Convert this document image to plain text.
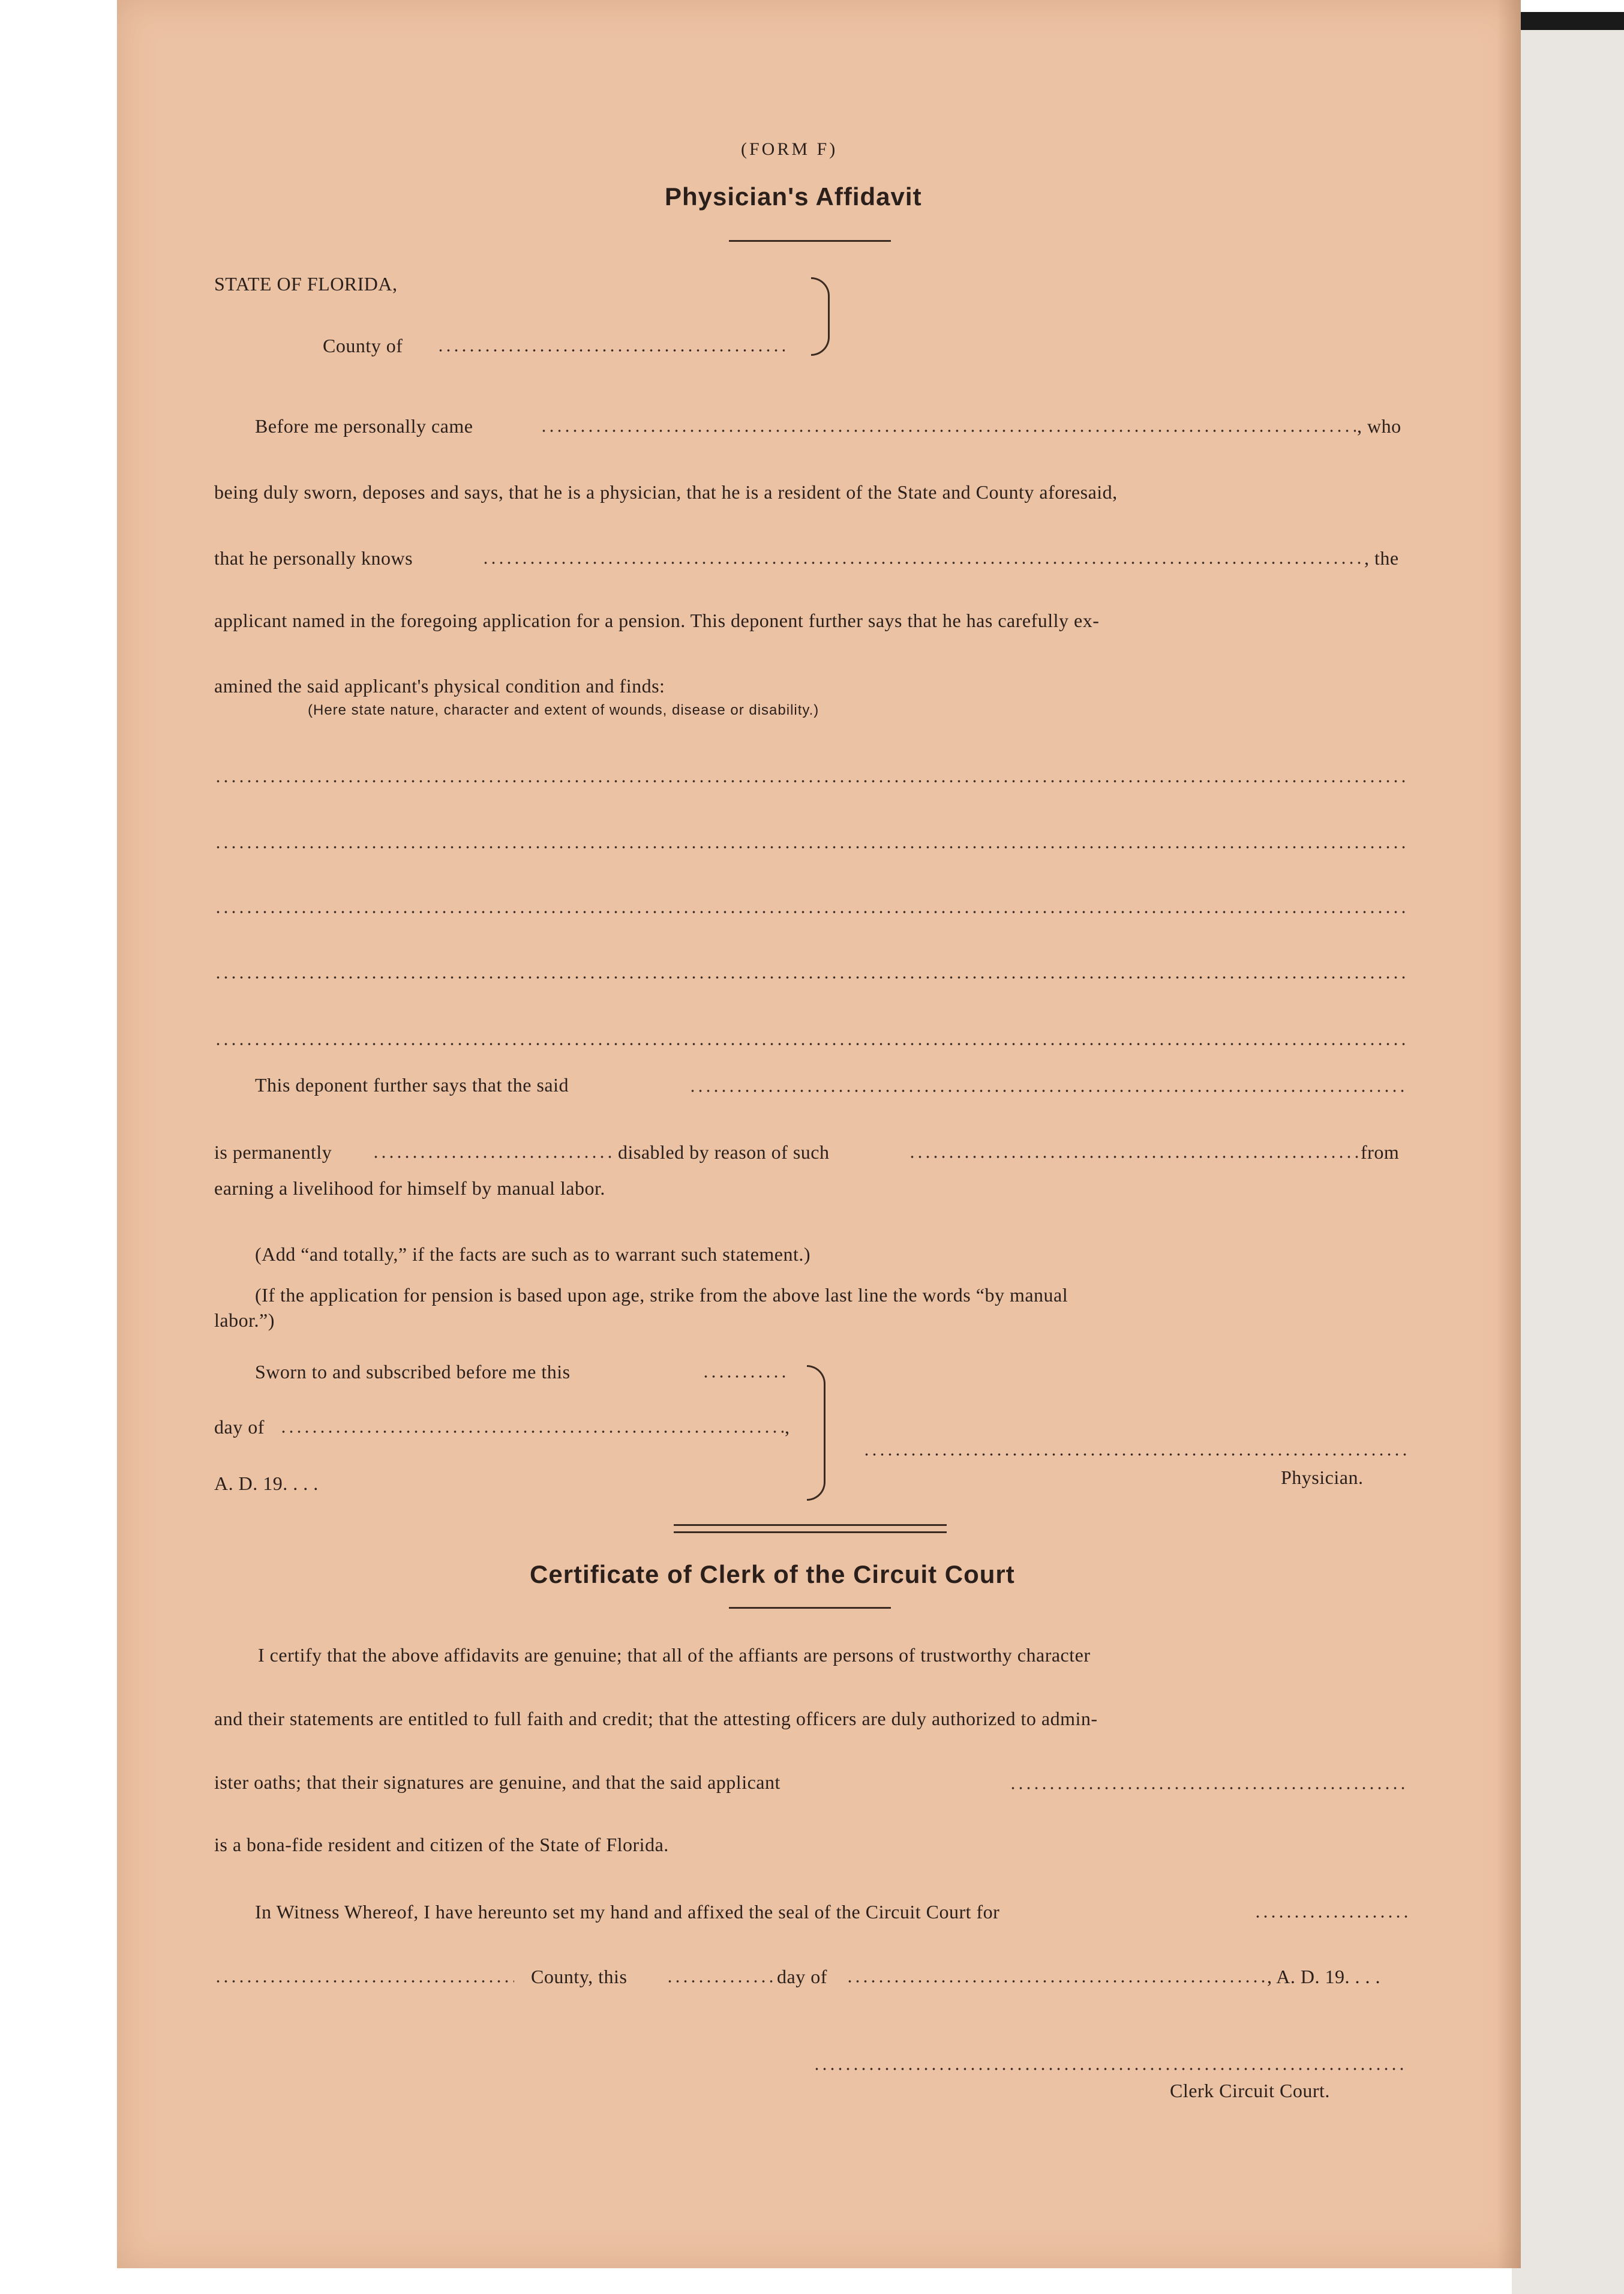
(FORM F)
Physician's Affidavit
STATE OF FLORIDA,
County of
Before me personally came	, who
being duly sworn, deposes and says, that he is a physician, that he is a resident of the State and County aforesaid,
that he personally knows	, the
applicant named in the foregoing application for a pension. This deponent further says that he has carefully ex-
amined the said applicant's physical condition and finds:
(Here state nature, character and extent of wounds, disease or disability.)
This deponent further says that the said
is permanently	disabled by reason of such	from
earning a livelihood for himself by manual labor.
(Add “and totally,” if the facts are such as to warrant such statement.)
(If the application for pension is based upon age, strike from the above last line the words “by manual
labor.”)
Sworn to and subscribed before me this
day of	,
A. D. 19. . . .	Physician.
Certificate of Clerk of the Circuit Court
I certify that the above affidavits are genuine; that all of the affiants are persons of trustworthy character
and their statements are entitled to full faith and credit; that the attesting officers are duly authorized to admin-
ister oaths; that their signatures are genuine, and that the said applicant
is a bona-fide resident and citizen of the State of Florida.
In Witness Whereof, I have hereunto set my hand and affixed the seal of the Circuit Court for
County, this	day of	, A. D. 19. . . .
Clerk Circuit Court.
